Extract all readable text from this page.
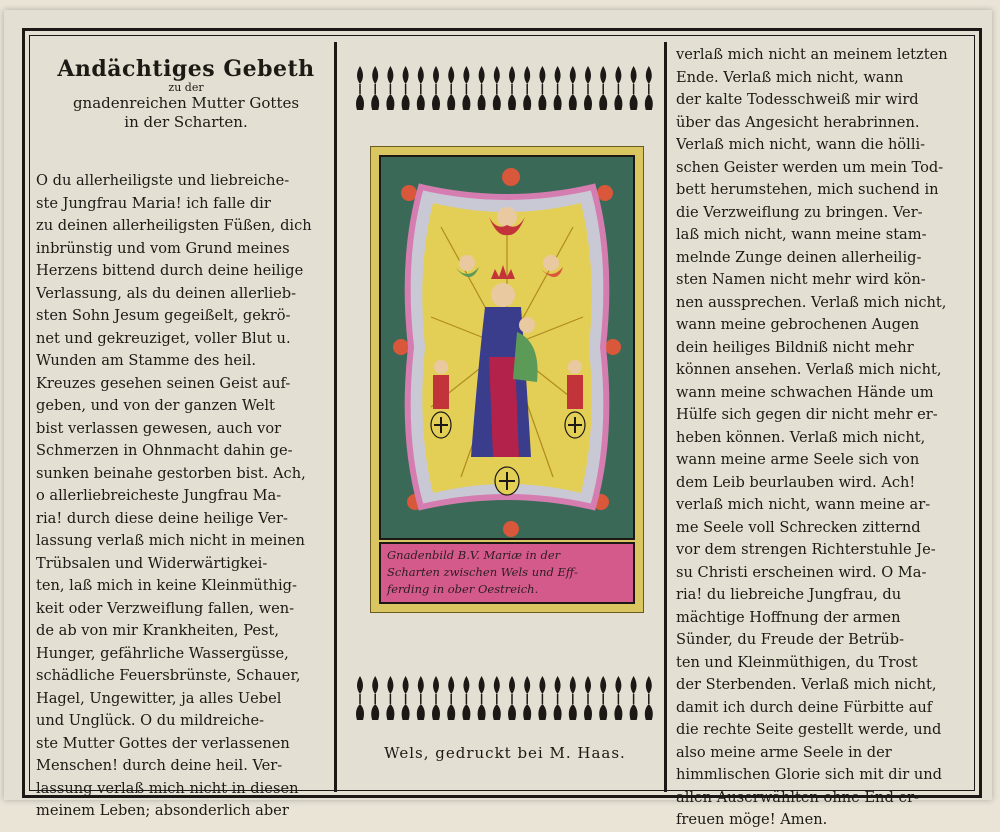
Andächtiges Gebeth
zu der
gnadenreichen Mutter Gottes
in der Scharten.
O du allerheiligste und liebreiche-
ste Jungfrau Maria! ich falle dir
zu deinen allerheiligsten Füßen, dich
inbrünstig und vom Grund meines
Herzens bittend durch deine heilige
Verlassung, als du deinen allerlieb-
sten Sohn Jesum gegeißelt, gekrö-
net und gekreuziget, voller Blut u.
Wunden am Stamme des heil.
Kreuzes gesehen seinen Geist auf-
geben, und von der ganzen Welt
bist verlassen gewesen, auch vor
Schmerzen in Ohnmacht dahin ge-
sunken beinahe gestorben bist. Ach,
o allerliebreicheste Jungfrau Ma-
ria! durch diese deine heilige Ver-
lassung verlaß mich nicht in meinen
Trübsalen und Widerwärtigkei-
ten, laß mich in keine Kleinmüthig-
keit oder Verzweiflung fallen, wen-
de ab von mir Krankheiten, Pest,
Hunger, gefährliche Wassergüsse,
schädliche Feuersbrünste, Schauer,
Hagel, Ungewitter, ja alles Uebel
und Unglück. O du mildreiche-
ste Mutter Gottes der verlassenen
Menschen! durch deine heil. Ver-
lassung verlaß mich nicht in diesen
meinem Leben; absonderlich aber
Gnadenbild B.V. Mariæ in der
Scharten zwischen Wels und Eff-
ferding in ober Oestreich.
Wels, gedruckt bei M. Haas.
verlaß mich nicht an meinem letzten
Ende. Verlaß mich nicht, wann
der kalte Todesschweiß mir wird
über das Angesicht herabrinnen.
Verlaß mich nicht, wann die hölli-
schen Geister werden um mein Tod-
bett herumstehen, mich suchend in
die Verzweiflung zu bringen. Ver-
laß mich nicht, wann meine stam-
melnde Zunge deinen allerheilig-
sten Namen nicht mehr wird kön-
nen aussprechen. Verlaß mich nicht,
wann meine gebrochenen Augen
dein heiliges Bildniß nicht mehr
können ansehen. Verlaß mich nicht,
wann meine schwachen Hände um
Hülfe sich gegen dir nicht mehr er-
heben können. Verlaß mich nicht,
wann meine arme Seele sich von
dem Leib beurlauben wird. Ach!
verlaß mich nicht, wann meine ar-
me Seele voll Schrecken zitternd
vor dem strengen Richterstuhle Je-
su Christi erscheinen wird. O Ma-
ria! du liebreiche Jungfrau, du
mächtige Hoffnung der armen
Sünder, du Freude der Betrüb-
ten und Kleinmüthigen, du Trost
der Sterbenden. Verlaß mich nicht,
damit ich durch deine Fürbitte auf
die rechte Seite gestellt werde, und
also meine arme Seele in der
himmlischen Glorie sich mit dir und
allen Auserwählten ohne End er-
freuen möge! Amen.
